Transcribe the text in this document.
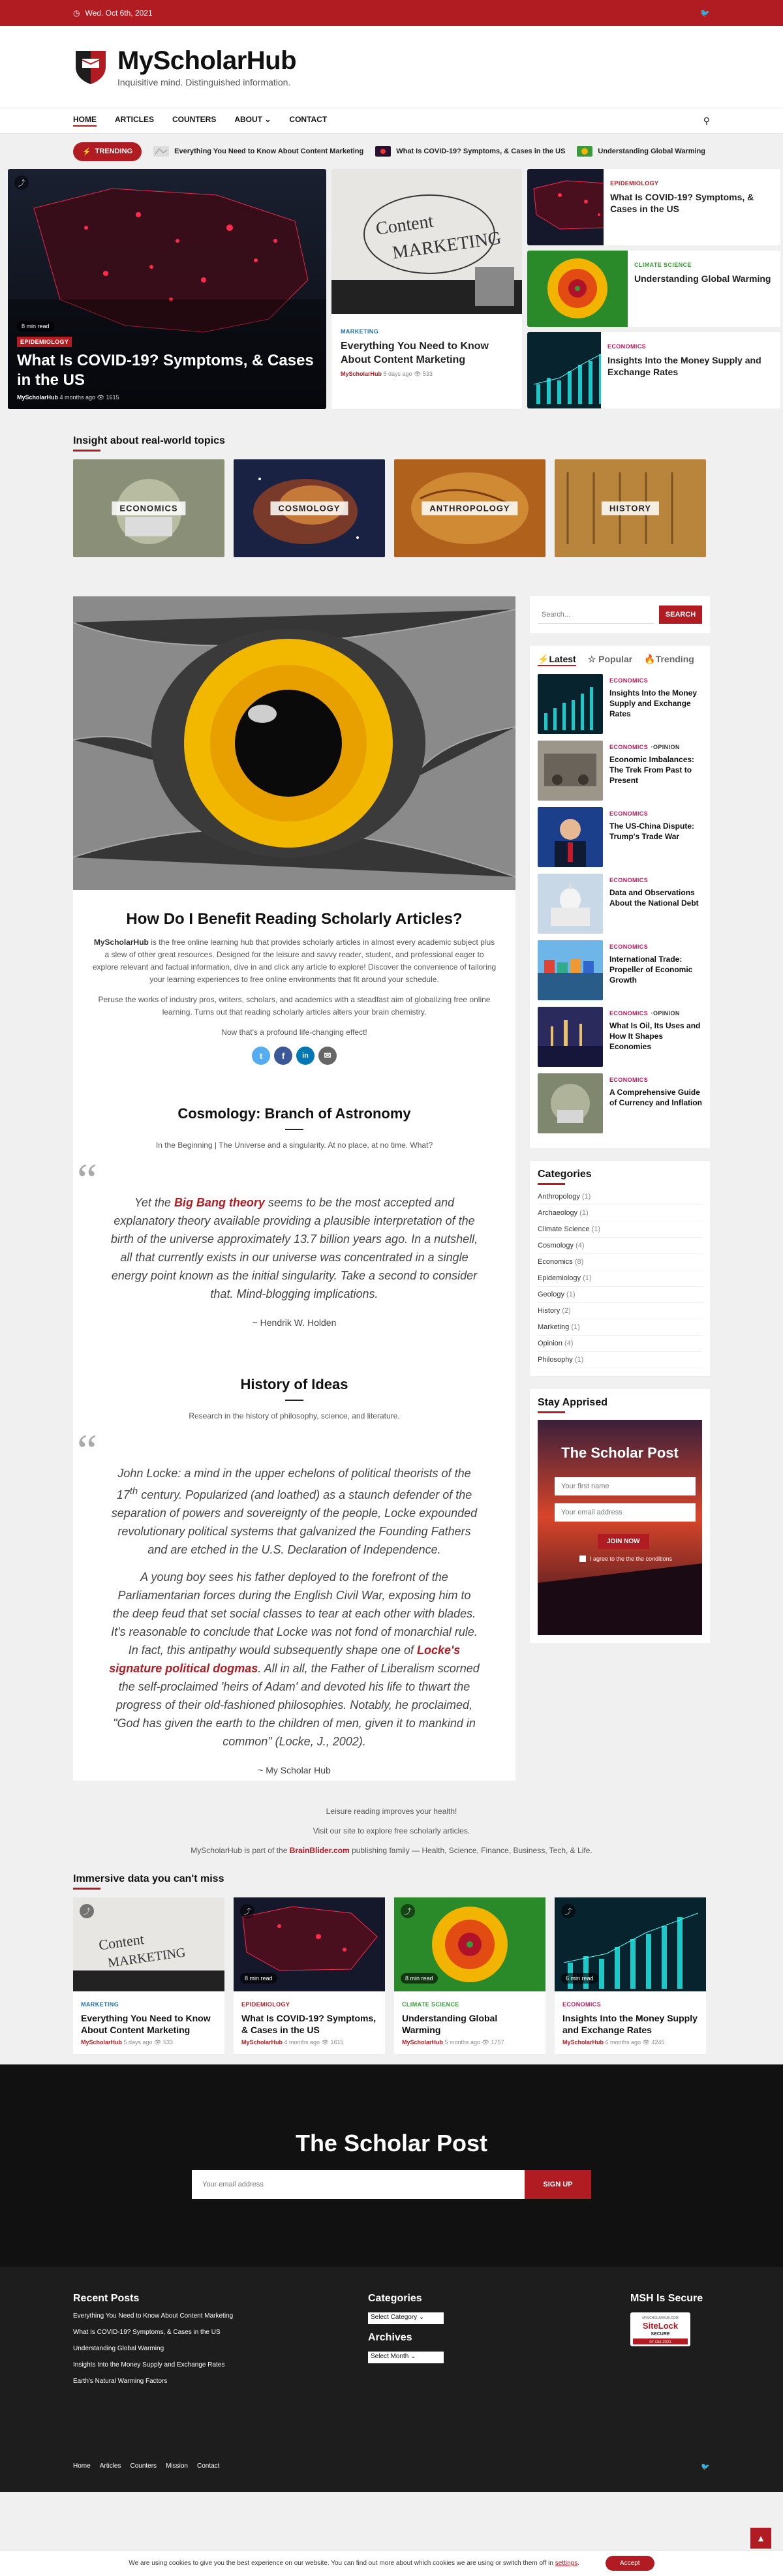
◷ Wed. Oct 6th, 2021	🐦
MyScholarHub
Inquisitive mind. Distinguished information.
HOME ARTICLES COUNTERS ABOUT ⌄ CONTACT	⚲
⚡ TRENDING	Everything You Need to Know About Content Marketing	What Is COVID-19? Symptoms, & Cases in the US	Understanding Global Warming
⤴
8 min read
EPIDEMIOLOGY
What Is COVID-19? Symptoms, & Cases in the US
MyScholarHub 4 months ago 👁 1615
Content
MARKETING
MARKETING
Everything You Need to Know About Content Marketing
MyScholarHub 5 days ago 👁 533
EPIDEMIOLOGY
What Is COVID-19? Symptoms, & Cases in the US
CLIMATE SCIENCE
Understanding Global Warming
ECONOMICS
Insights Into the Money Supply and Exchange Rates
Insight about real-world topics
ECONOMICS	COSMOLOGY	ANTHROPOLOGY	HISTORY
How Do I Benefit Reading Scholarly Articles?

MyScholarHub is the free online learning hub that provides scholarly articles in almost every academic subject plus a slew of other great resources. Designed for the leisure and savvy reader, student, and professional eager to explore relevant and factual information, dive in and click any article to explore! Discover the convenience of tailoring your learning experiences to free online environments that fit around your schedule.

Peruse the works of industry pros, writers, scholars, and academics with a steadfast aim of globalizing free online learning. Turns out that reading scholarly articles alters your brain chemistry.

Now that's a profound life-changing effect!

t	f	in	✉
Cosmology: Branch of Astronomy

In the Beginning | The Universe and a singularity. At no place, at no time. What?

“	Yet the Big Bang theory seems to be the most accepted and explanatory theory available providing a plausible interpretation of the birth of the universe approximately 13.7 billion years ago. In a nutshell, all that currently exists in our universe was concentrated in a single energy point known as the initial singularity. Take a second to consider that. Mind-blogging implications.

~ Hendrik W. Holden

History of Ideas

Research in the history of philosophy, science, and literature.

“	John Locke: a mind in the upper echelons of political theorists of the 17th century. Popularized (and loathed) as a staunch defender of the separation of powers and sovereignty of the people, Locke expounded revolutionary political systems that galvanized the Founding Fathers and are etched in the U.S. Declaration of Independence.

A young boy sees his father deployed to the forefront of the Parliamentarian forces during the English Civil War, exposing him to the deep feud that set social classes to tear at each other with blades. It's reasonable to conclude that Locke was not fond of monarchial rule. In fact, this antipathy would subsequently shape one of Locke's signature political dogmas. All in all, the Father of Liberalism scorned the self-proclaimed 'heirs of Adam' and devoted his life to thwart the progress of their old-fashioned philosophies. Notably, he proclaimed, "God has given the earth to the children of men, given it to mankind in common" (Locke, J., 2002).

~ My Scholar Hub

Search...
SEARCH
⚡Latest ☆ Popular 🔥Trending
ECONOMICS
Insights Into the Money Supply and Exchange Rates
ECONOMICS ·OPINION
Economic Imbalances: The Trek From Past to Present
ECONOMICS
The US-China Dispute: Trump's Trade War
ECONOMICS
Data and Observations About the National Debt
ECONOMICS
International Trade: Propeller of Economic Growth
ECONOMICS ·OPINION
What Is Oil, Its Uses and How It Shapes Economies
ECONOMICS
A Comprehensive Guide of Currency and Inflation
Categories
Anthropology (1)
Archaeology (1)
Climate Science (1)
Cosmology (4)
Economics (8)
Epidemiology (1)
Geology (1)
History (2)
Marketing (1)
Opinion (4)
Philosophy (1)
Stay Apprised
The Scholar Post
Your first name
Your email address
JOIN NOW
I agree to the the the conditions

Leisure reading improves your health!

Visit our site to explore free scholarly articles.

MyScholarHub is part of the BrainBlider.com publishing family — Health, Science, Finance, Business, Tech, & Life.

Immersive data you can't miss
Content
MARKETING
⤴
MARKETING
Everything You Need to Know About Content Marketing
MyScholarHub 5 days ago 👁 533
⤴
8 min read
EPIDEMIOLOGY
What Is COVID-19? Symptoms, & Cases in the US
MyScholarHub 4 months ago 👁 1615
⤴
8 min read
CLIMATE SCIENCE
Understanding Global Warming
MyScholarHub 5 months ago 👁 1757
⤴
6 min read
ECONOMICS
Insights Into the Money Supply and Exchange Rates
MyScholarHub 6 months ago 👁 4245
The Scholar Post
Your email address
SIGN UP
Recent Posts
Everything You Need to Know About Content Marketing
What Is COVID-19? Symptoms, & Cases in the US
Understanding Global Warming
Insights Into the Money Supply and Exchange Rates
Earth's Natural Warming Factors
Categories
Select Category ⌄
Archives
Select Month ⌄
MSH Is Secure
MYSCHOLARHUB.COM
SiteLock
SECURE
07-Oct-2021
Home Articles Counters Mission Contact	🐦
▲
We are using cookies to give you the best experience on our website. You can find out more about which cookies we are using or switch them off in settings.	Accept
